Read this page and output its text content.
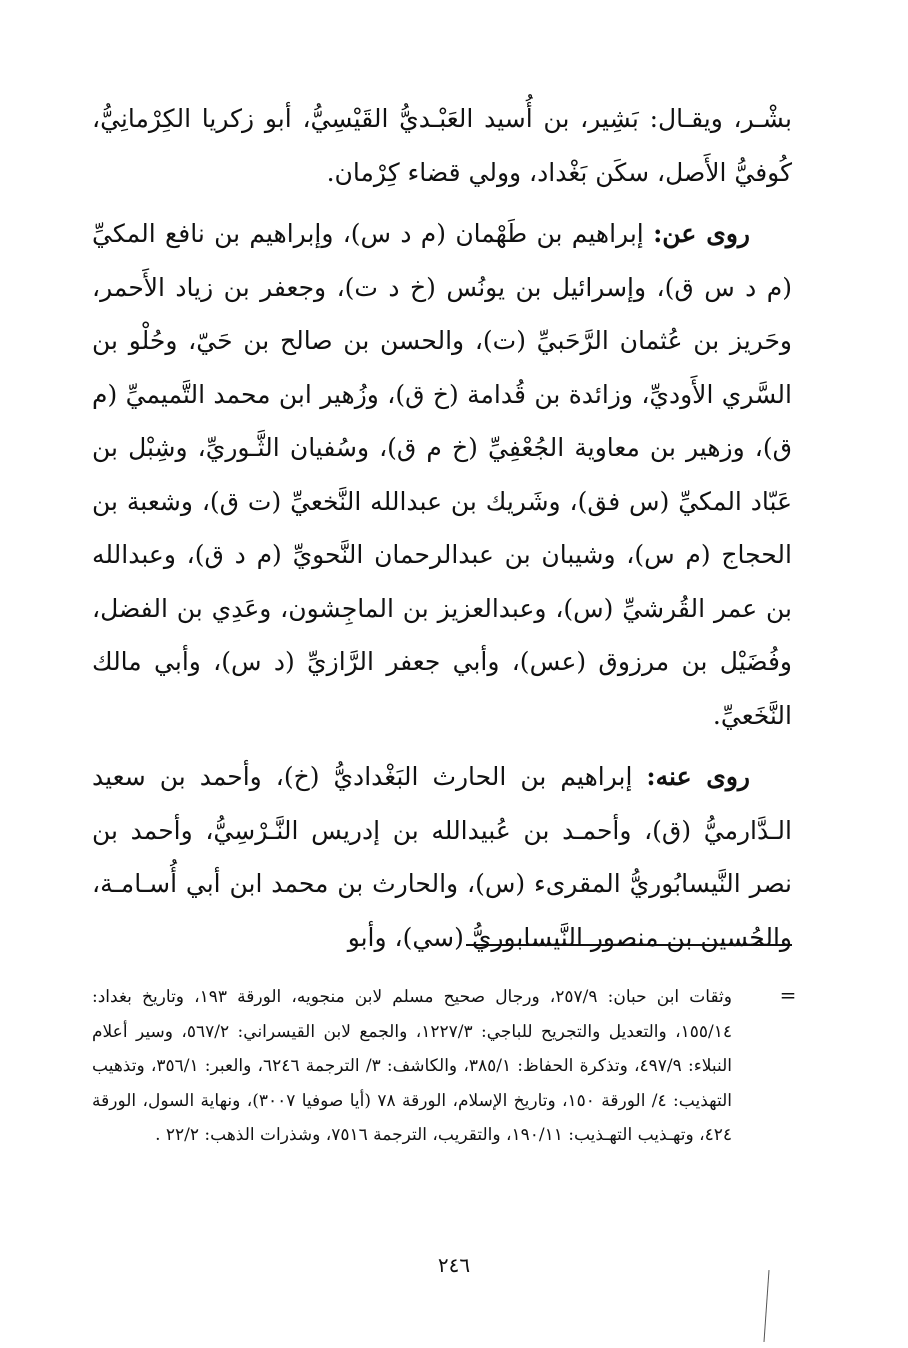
بشْـر، ويقـال: بَشِير، بن أُسيد العَبْـديُّ القَيْسِيُّ، أبو زكريا الكِرْمانِيُّ، كُوفيُّ الأَصل، سكَن بَغْداد، وولي قضاء كِرْمان.

روى عن: إبراهيم بن طَهْمان (م د س)، وإبراهيم بن نافع المكيِّ (م د س ق)، وإسرائيل بن يونُس (خ د ت)، وجعفر بن زياد الأَحمر، وحَريز بن عُثمان الرَّحَبيِّ (ت)، والحسن بن صالح بن حَيّ، وحُلْو بن السَّري الأَوديِّ، وزائدة بن قُدامة (خ ق)، وزُهير ابن محمد التَّميميِّ (م ق)، وزهير بن معاوية الجُعْفِيِّ (خ م ق)، وسُفيان الثَّـوريِّ، وشِبْل بن عَبّاد المكيِّ (س فق)، وشَريك بن عبدالله النَّخعيِّ (ت ق)، وشعبة بن الحجاج (م س)، وشيبان بن عبدالرحمان النَّحويِّ (م د ق)، وعبدالله بن عمر القُرشيِّ (س)، وعبدالعزيز بن الماجِشون، وعَدِي بن الفضل، وفُضَيْل بن مرزوق (عس)، وأبي جعفر الرَّازيِّ (د س)، وأبي مالك النَّخَعيِّ.

روى عنه: إبراهيم بن الحارث البَغْداديُّ (خ)، وأحمد بن سعيد الـدَّارميُّ (ق)، وأحمـد بن عُبيدالله بن إدريس النَّـرْسِيُّ، وأحمد بن نصر النَّيسابُوريُّ المقرىء (س)، والحارث بن محمد ابن أبي أُسـامـة، والحُسين بن منصور النَّيسابوريُّ (سي)، وأبو

=
وثقات ابن حبان: ٢٥٧/٩، ورجال صحيح مسلم لابن منجويه، الورقة ١٩٣، وتاريخ بغداد: ١٥٥/١٤، والتعديل والتجريح للباجي: ١٢٢٧/٣، والجمع لابن القيسراني: ٥٦٧/٢، وسير أعلام النبلاء: ٤٩٧/٩، وتذكرة الحفاظ: ٣٨٥/١، والكاشف: ٣/ الترجمة ٦٢٤٦، والعبر: ٣٥٦/١، وتذهيب التهذيب: ٤/ الورقة ١٥٠، وتاريخ الإسلام، الورقة ٧٨ (أيا صوفيا ٣٠٠٧)، ونهاية السول، الورقة ٤٢٤، وتهـذيب التهـذيب: ١٩٠/١١، والتقريب، الترجمة ٧٥١٦، وشذرات الذهب: ٢٢/٢ .
٢٤٦
